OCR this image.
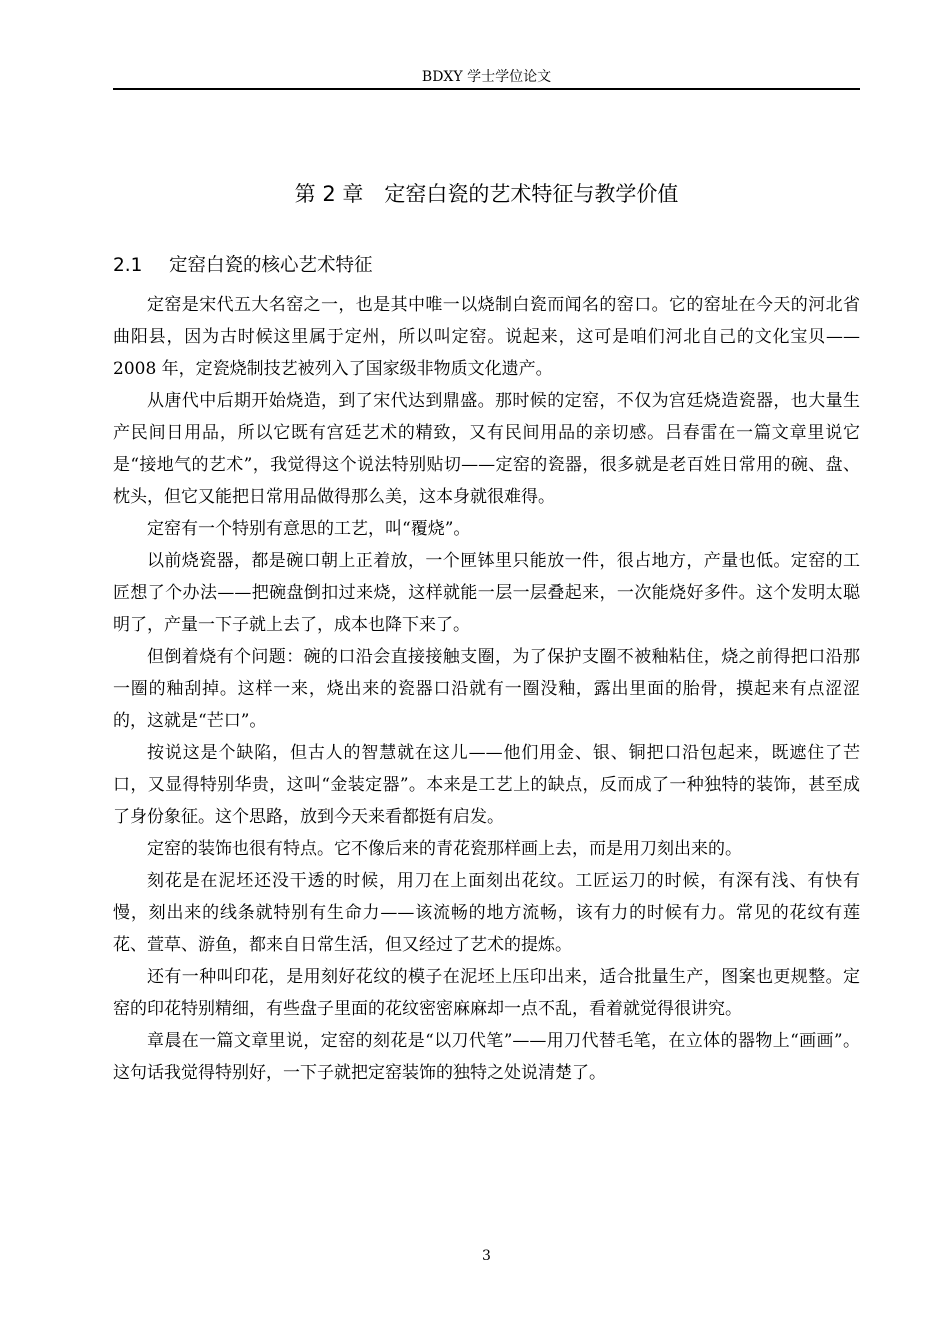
BDXY 学士学位论文
第 2 章　定窑白瓷的艺术特征与教学价值
2.1 定窑白瓷的核心艺术特征

定窑是宋代五大名窑之一，也是其中唯一以烧制白瓷而闻名的窑口。它的窑址在今天的河北省曲阳县，因为古时候这里属于定州，所以叫定窑。说起来，这可是咱们河北自己的文化宝贝——2008 年，定瓷烧制技艺被列入了国家级非物质文化遗产。

从唐代中后期开始烧造，到了宋代达到鼎盛。那时候的定窑，不仅为宫廷烧造瓷器，也大量生产民间日用品，所以它既有宫廷艺术的精致，又有民间用品的亲切感。吕春雷在一篇文章里说它是“接地气的艺术”，我觉得这个说法特别贴切——定窑的瓷器，很多就是老百姓日常用的碗、盘、枕头，但它又能把日常用品做得那么美，这本身就很难得。

定窑有一个特别有意思的工艺，叫“覆烧”。

以前烧瓷器，都是碗口朝上正着放，一个匣钵里只能放一件，很占地方，产量也低。定窑的工匠想了个办法——把碗盘倒扣过来烧，这样就能一层一层叠起来，一次能烧好多件。这个发明太聪明了，产量一下子就上去了，成本也降下来了。

但倒着烧有个问题：碗的口沿会直接接触支圈，为了保护支圈不被釉粘住，烧之前得把口沿那一圈的釉刮掉。这样一来，烧出来的瓷器口沿就有一圈没釉，露出里面的胎骨，摸起来有点涩涩的，这就是“芒口”。

按说这是个缺陷，但古人的智慧就在这儿——他们用金、银、铜把口沿包起来，既遮住了芒口，又显得特别华贵，这叫“金装定器”。本来是工艺上的缺点，反而成了一种独特的装饰，甚至成了身份象征。这个思路，放到今天来看都挺有启发。

定窑的装饰也很有特点。它不像后来的青花瓷那样画上去，而是用刀刻出来的。

刻花是在泥坯还没干透的时候，用刀在上面刻出花纹。工匠运刀的时候，有深有浅、有快有慢，刻出来的线条就特别有生命力——该流畅的地方流畅，该有力的时候有力。常见的花纹有莲花、萱草、游鱼，都来自日常生活，但又经过了艺术的提炼。

还有一种叫印花，是用刻好花纹的模子在泥坯上压印出来，适合批量生产，图案也更规整。定窑的印花特别精细，有些盘子里面的花纹密密麻麻却一点不乱，看着就觉得很讲究。

章晨在一篇文章里说，定窑的刻花是“以刀代笔”——用刀代替毛笔，在立体的器物上“画画”。这句话我觉得特别好，一下子就把定窑装饰的独特之处说清楚了。

3
